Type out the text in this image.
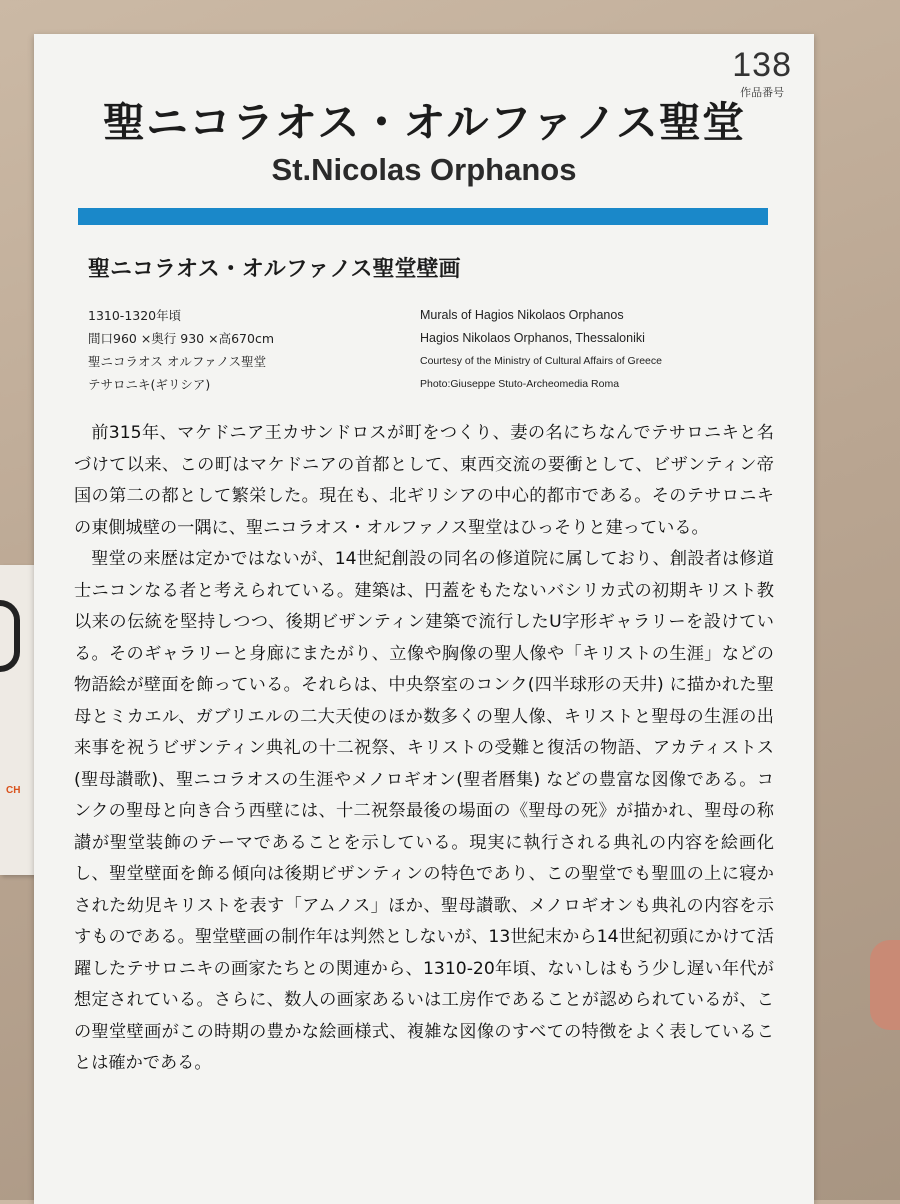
CH
138
作品番号
聖ニコラオス・オルファノス聖堂
St.Nicolas Orphanos
聖ニコラオス・オルファノス聖堂壁画
1310-1320年頃
間口960 ×奥行 930 ×高670cm
聖ニコラオス オルファノス聖堂
テサロニキ(ギリシア)
Murals of Hagios Nikolaos Orphanos
Hagios Nikolaos Orphanos, Thessaloniki
Courtesy of the Ministry of Cultural Affairs of Greece
Photo:Giuseppe Stuto-Archeomedia Roma

前315年、マケドニア王カサンドロスが町をつくり、妻の名にちなんでテサロニキと名づけて以来、この町はマケドニアの首都として、東西交流の要衝として、ビザンティン帝国の第二の都として繁栄した。現在も、北ギリシアの中心的都市である。そのテサロニキの東側城壁の一隅に、聖ニコラオス・オルファノス聖堂はひっそりと建っている。

聖堂の来歴は定かではないが、14世紀創設の同名の修道院に属しており、創設者は修道士ニコンなる者と考えられている。建築は、円蓋をもたないバシリカ式の初期キリスト教以来の伝統を堅持しつつ、後期ビザンティン建築で流行したU字形ギャラリーを設けている。そのギャラリーと身廊にまたがり、立像や胸像の聖人像や「キリストの生涯」などの物語絵が壁面を飾っている。それらは、中央祭室のコンク(四半球形の天井) に描かれた聖母とミカエル、ガブリエルの二大天使のほか数多くの聖人像、キリストと聖母の生涯の出来事を祝うビザンティン典礼の十二祝祭、キリストの受難と復活の物語、アカティストス(聖母讃歌)、聖ニコラオスの生涯やメノロギオン(聖者暦集) などの豊富な図像である。コンクの聖母と向き合う西壁には、十二祝祭最後の場面の《聖母の死》が描かれ、聖母の称讃が聖堂装飾のテーマであることを示している。現実に執行される典礼の内容を絵画化し、聖堂壁面を飾る傾向は後期ビザンティンの特色であり、この聖堂でも聖皿の上に寝かされた幼児キリストを表す「アムノス」ほか、聖母讃歌、メノロギオンも典礼の内容を示すものである。聖堂壁画の制作年は判然としないが、13世紀末から14世紀初頭にかけて活躍したテサロニキの画家たちとの関連から、1310-20年頃、ないしはもう少し遅い年代が想定されている。さらに、数人の画家あるいは工房作であることが認められているが、この聖堂壁画がこの時期の豊かな絵画様式、複雑な図像のすべての特徴をよく表していることは確かである。
